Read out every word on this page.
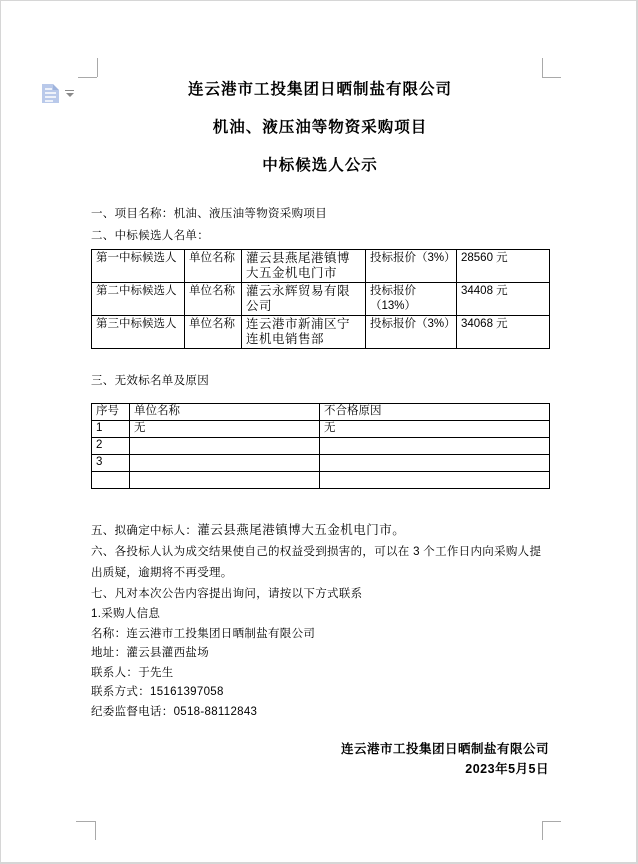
连云港市工投集团日晒制盐有限公司
机油、液压油等物资采购项目
中标候选人公示
一、项目名称：机油、液压油等物资采购项目
二、中标候选人名单：
第一中标候选人	单位名称	灌云县燕尾港镇博大五金机电门市	投标报价（3%）	28560 元
第二中标候选人	单位名称	灌云永辉贸易有限公司	投标报价（13%）	34408 元
第三中标候选人	单位名称	连云港市新浦区宁连机电销售部	投标报价（3%）	34068 元
三、无效标名单及原因
序号	单位名称	不合格原因
1	无	无
2		
3		

五、拟确定中标人：灌云县燕尾港镇博大五金机电门市。
六、各投标人认为成交结果使自己的权益受到损害的，可以在 3 个工作日内向采购人提出质疑，逾期将不再受理。
七、凡对本次公告内容提出询问，请按以下方式联系
1.采购人信息
名称：连云港市工投集团日晒制盐有限公司
地址：灌云县灌西盐场
联系人：于先生
联系方式：15161397058
纪委监督电话：0518-88112843
连云港市工投集团日晒制盐有限公司
2023年5月5日
